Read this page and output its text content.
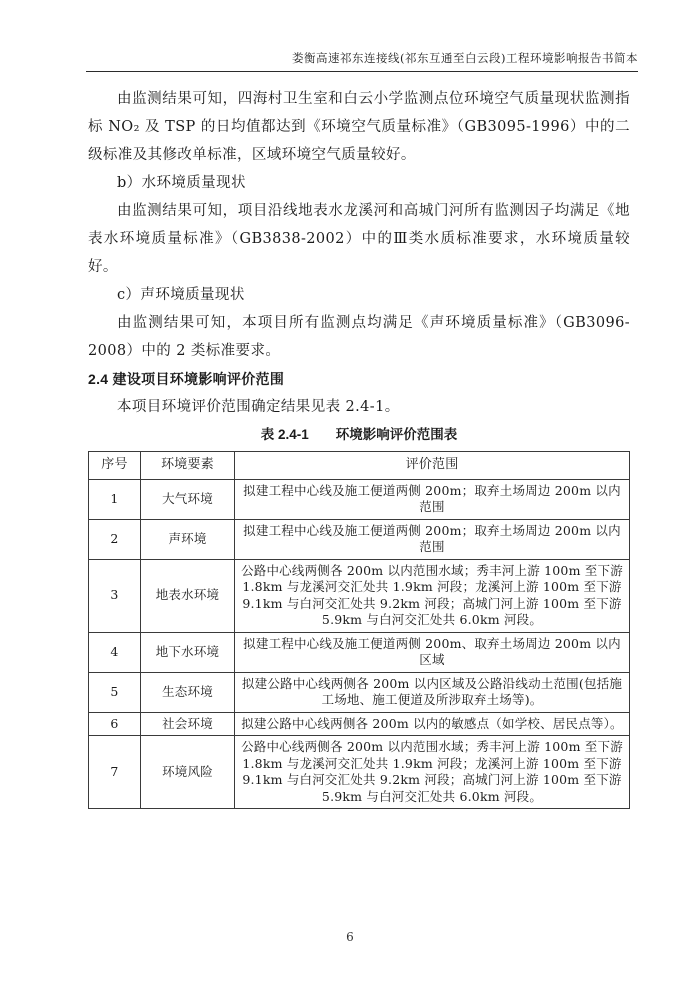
娄衡高速祁东连接线(祁东互通至白云段)工程环境影响报告书简本

由监测结果可知，四海村卫生室和白云小学监测点位环境空气质量现状监测指标 NO₂ 及 TSP 的日均值都达到《环境空气质量标准》（GB3095-1996）中的二级标准及其修改单标准，区域环境空气质量较好。

b）水环境质量现状

由监测结果可知，项目沿线地表水龙溪河和高城门河所有监测因子均满足《地表水环境质量标准》（GB3838-2002）中的Ⅲ类水质标准要求，水环境质量较好。

c）声环境质量现状

由监测结果可知，本项目所有监测点均满足《声环境质量标准》（GB3096-2008）中的 2 类标准要求。

2.4 建设项目环境影响评价范围

本项目环境评价范围确定结果见表 2.4-1。

表 2.4-1　　环境影响评价范围表

序号	环境要素	评价范围
1	大气环境	拟建工程中心线及施工便道两侧 200m；取弃土场周边 200m 以内范围
2	声环境	拟建工程中心线及施工便道两侧 200m；取弃土场周边 200m 以内范围
3	地表水环境	公路中心线两侧各 200m 以内范围水域；秀丰河上游 100m 至下游 1.8km 与龙溪河交汇处共 1.9km 河段；龙溪河上游 100m 至下游 9.1km 与白河交汇处共 9.2km 河段；高城门河上游 100m 至下游 5.9km 与白河交汇处共 6.0km 河段。
4	地下水环境	拟建工程中心线及施工便道两侧 200m、取弃土场周边 200m 以内区域
5	生态环境	拟建公路中心线两侧各 200m 以内区域及公路沿线动土范围(包括施工场地、施工便道及所涉取弃土场等)。
6	社会环境	拟建公路中心线两侧各 200m 以内的敏感点（如学校、居民点等）。
7	环境风险	公路中心线两侧各 200m 以内范围水域；秀丰河上游 100m 至下游 1.8km 与龙溪河交汇处共 1.9km 河段；龙溪河上游 100m 至下游 9.1km 与白河交汇处共 9.2km 河段；高城门河上游 100m 至下游 5.9km 与白河交汇处共 6.0km 河段。
6
